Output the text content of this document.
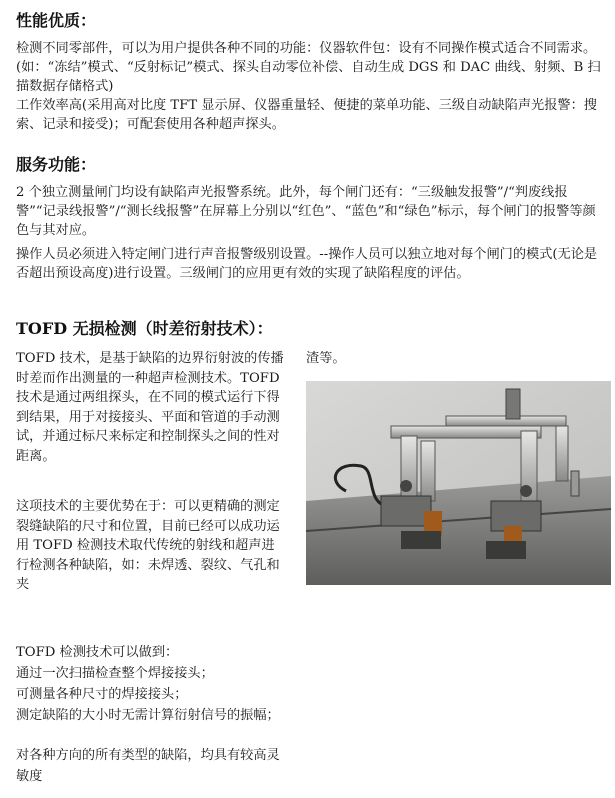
性能优质：

检测不同零部件，可以为用户提供各种不同的功能：仪器软件包：设有不同操作模式适合不同需求。(如：“冻结”模式、“反射标记”模式、探头自动零位补偿、自动生成 DGS 和 DAC 曲线、射频、B 扫描数据存储格式)

工作效率高(采用高对比度 TFT 显示屏、仪器重量轻、便捷的菜单功能、三级自动缺陷声光报警：搜索、记录和接受)；可配套使用各种超声探头。

服务功能：

2 个独立测量闸门均设有缺陷声光报警系统。此外，每个闸门还有：“三级触发报警”/“判废线报警”“记录线报警”/“测长线报警”在屏幕上分别以“红色”、“蓝色”和“绿色”标示，每个闸门的报警等颜色与其对应。

操作人员必须进入特定闸门进行声音报警级别设置。--操作人员可以独立地对每个闸门的模式(无论是否超出预设高度)进行设置。三级闸门的应用更有效的实现了缺陷程度的评估。

TOFD 无损检测（时差衍射技术）：

TOFD 技术，是基于缺陷的边界衍射波的传播时差而作出测量的一种超声检测技术。TOFD 技术是通过两组探头，在不同的模式运行下得到结果，用于对接接头、平面和管道的手动测试，并通过标尺来标定和控制探头之间的性对距离。

这项技术的主要优势在于：可以更精确的测定裂缝缺陷的尺寸和位置，目前已经可以成功运用 TOFD 检测技术取代传统的射线和超声进行检测各种缺陷，如：未焊透、裂纹、气孔和夹

渣等。

TOFD 检测技术可以做到：

通过一次扫描检查整个焊接接头；

可测量各种尺寸的焊接接头；

测定缺陷的大小时无需计算衍射信号的振幅；

对各种方向的所有类型的缺陷，均具有较高灵敏度
